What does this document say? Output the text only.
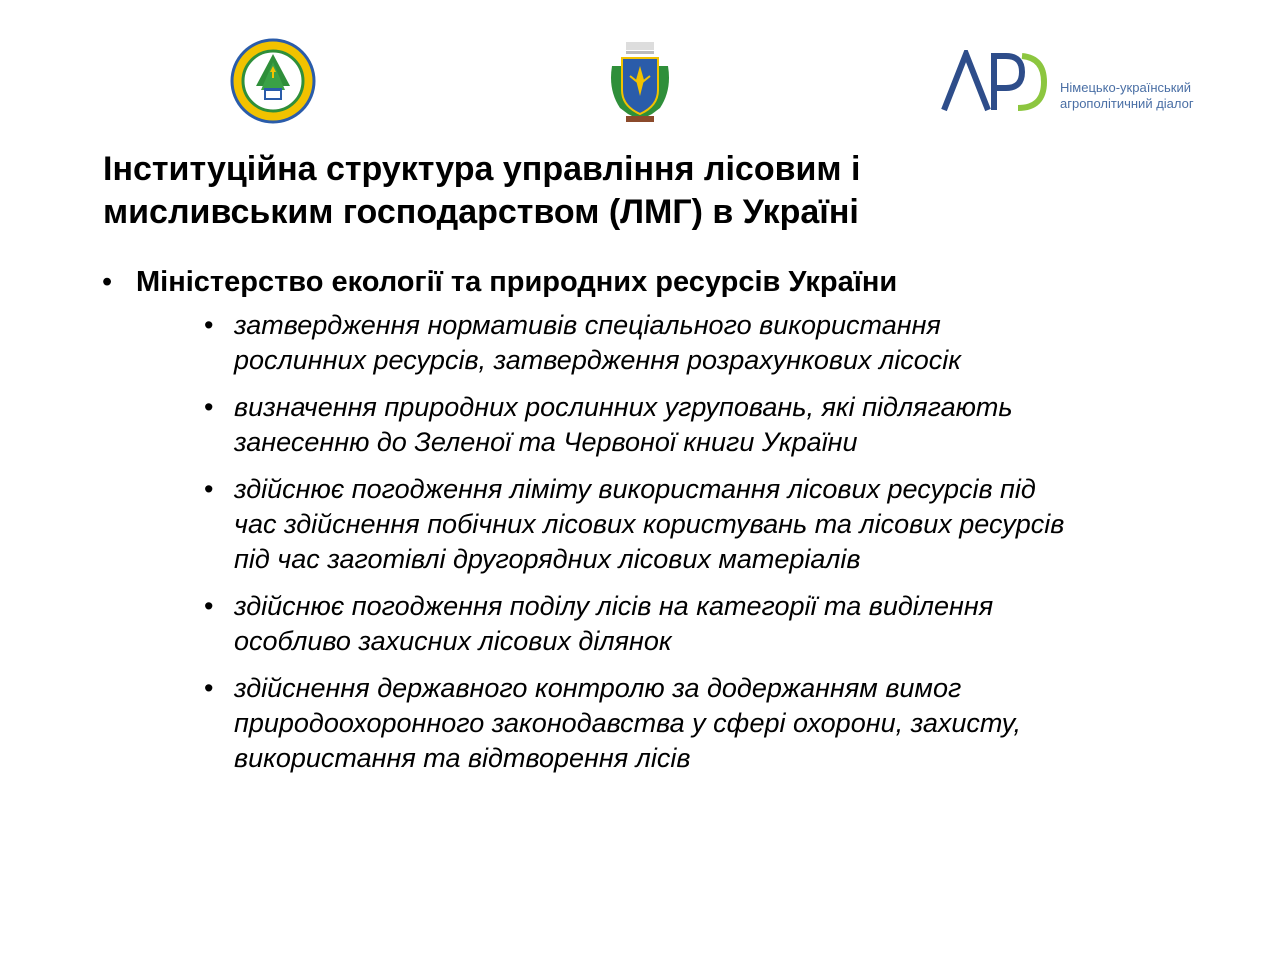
Німецько-український
агрополітичний діалог
Інституційна структура управління лісовим і
мисливським господарством (ЛМГ) в Україні
• Міністерство екології та природних ресурсів України
• затвердження нормативів спеціального використання
рослинних ресурсів, затвердження розрахункових лісосік
• визначення природних рослинних угруповань, які підлягають
занесенню до Зеленої та Червоної книги України
• здійснює погодження ліміту використання лісових ресурсів під
час здійснення побічних лісових користувань та лісових ресурсів
під час заготівлі другорядних лісових матеріалів
• здійснює погодження поділу лісів на категорії та виділення
особливо захисних лісових ділянок
• здійснення державного контролю за додержанням вимог
природоохоронного законодавства у сфері охорони, захисту,
використання та відтворення лісів
